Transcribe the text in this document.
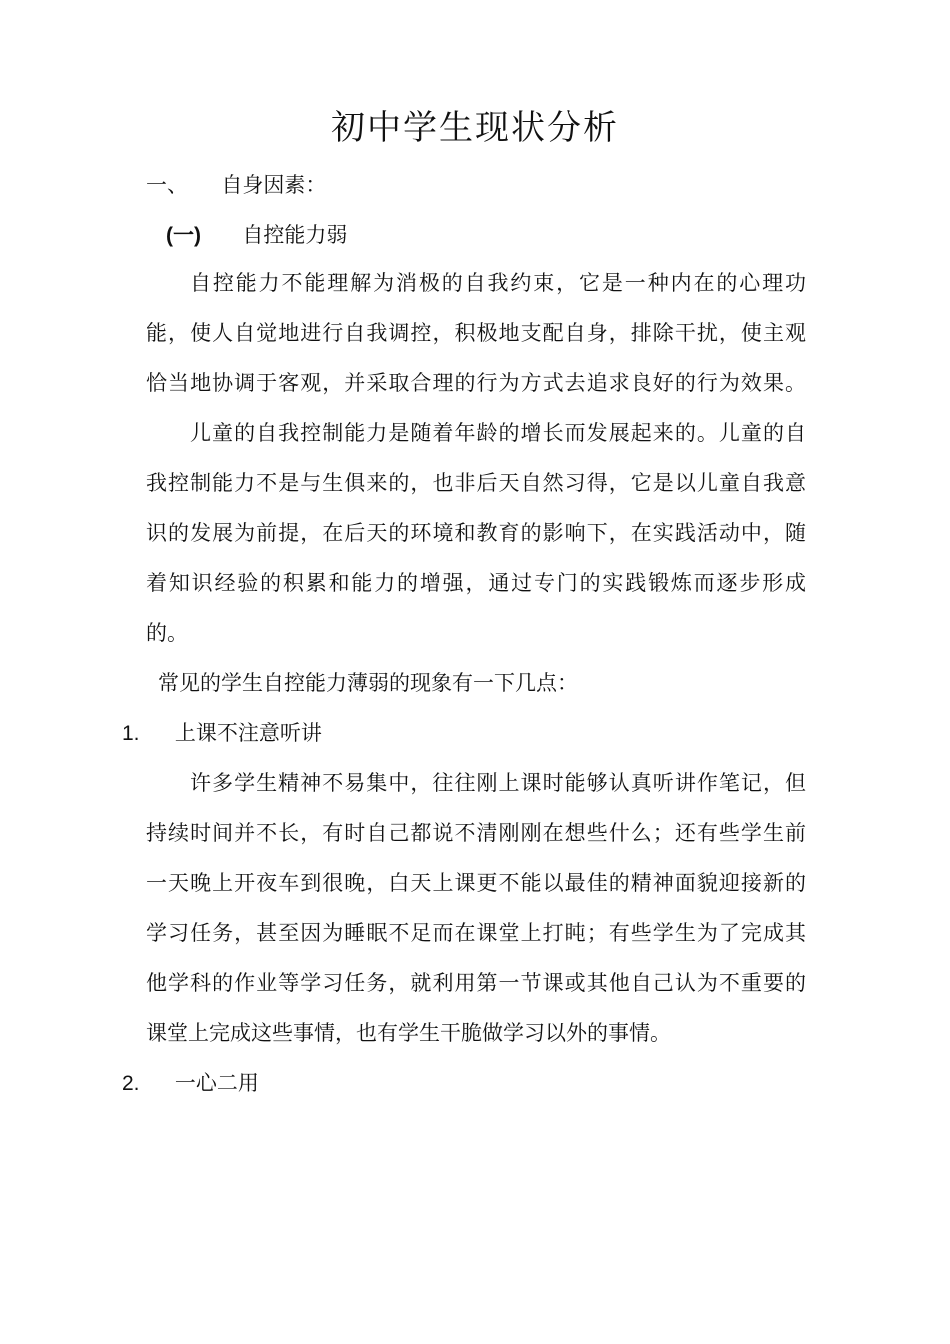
初中学生现状分析
一、 自身因素：
(一) 自控能力弱
自控能力不能理解为消极的自我约束，它是一种内在的心理功
能，使人自觉地进行自我调控，积极地支配自身，排除干扰，使主观
恰当地协调于客观，并采取合理的行为方式去追求良好的行为效果。
儿童的自我控制能力是随着年龄的增长而发展起来的。儿童的自
我控制能力不是与生俱来的，也非后天自然习得，它是以儿童自我意
识的发展为前提，在后天的环境和教育的影响下，在实践活动中，随
着知识经验的积累和能力的增强，通过专门的实践锻炼而逐步形成
的。
常见的学生自控能力薄弱的现象有一下几点：
1. 上课不注意听讲
许多学生精神不易集中，往往刚上课时能够认真听讲作笔记，但
持续时间并不长，有时自己都说不清刚刚在想些什么；还有些学生前
一天晚上开夜车到很晚，白天上课更不能以最佳的精神面貌迎接新的
学习任务，甚至因为睡眠不足而在课堂上打盹；有些学生为了完成其
他学科的作业等学习任务，就利用第一节课或其他自己认为不重要的
课堂上完成这些事情，也有学生干脆做学习以外的事情。
2. 一心二用
